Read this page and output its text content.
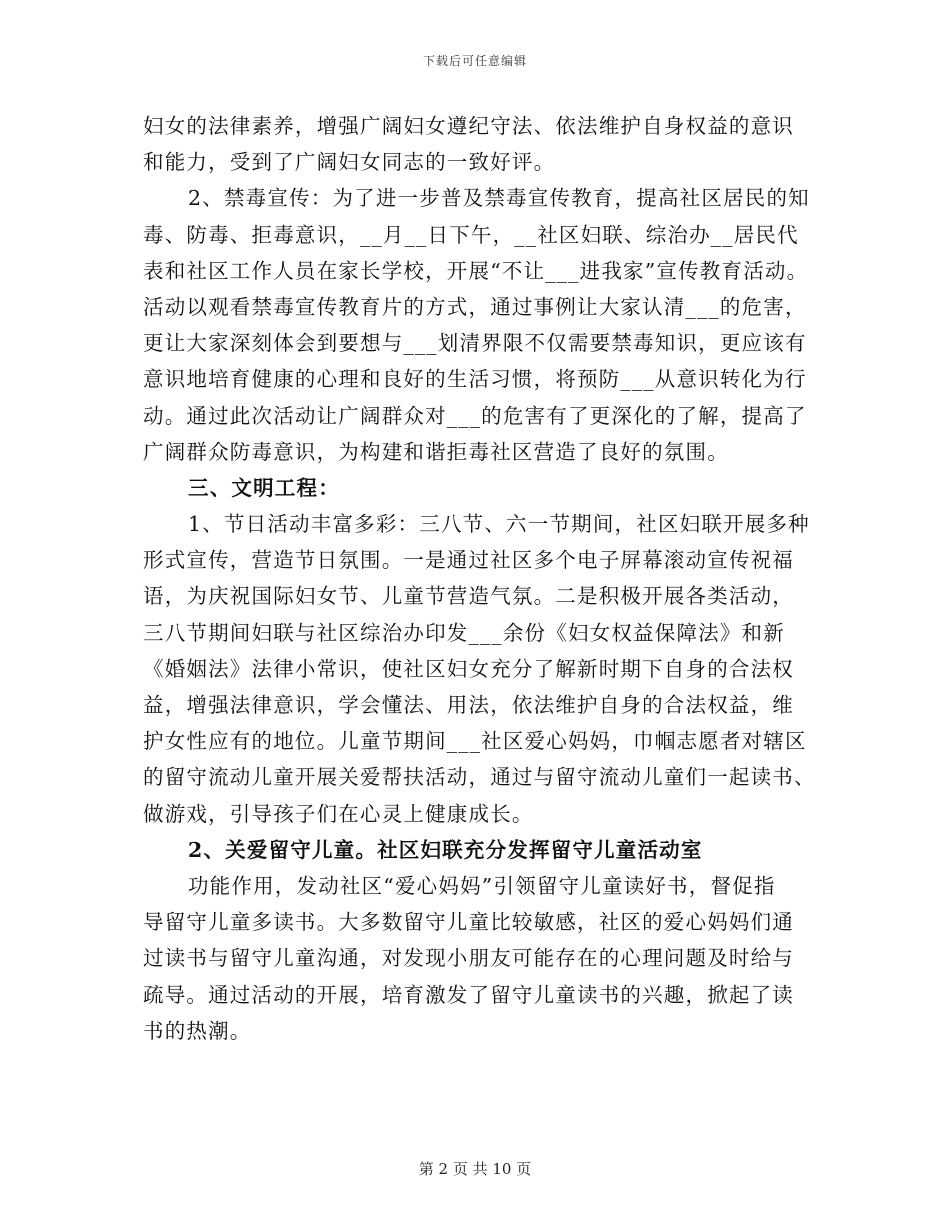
下载后可任意编辑
妇女的法律素养，增强广阔妇女遵纪守法、依法维护自身权益的意识
和能力，受到了广阔妇女同志的一致好评。
2、禁毒宣传：为了进一步普及禁毒宣传教育，提高社区居民的知
毒、防毒、拒毒意识，__月__日下午，__社区妇联、综治办__居民代
表和社区工作人员在家长学校，开展“不让___进我家”宣传教育活动。
活动以观看禁毒宣传教育片的方式，通过事例让大家认清___的危害，
更让大家深刻体会到要想与___划清界限不仅需要禁毒知识，更应该有
意识地培育健康的心理和良好的生活习惯，将预防___从意识转化为行
动。通过此次活动让广阔群众对___的危害有了更深化的了解，提高了
广阔群众防毒意识，为构建和谐拒毒社区营造了良好的氛围。
三、文明工程：
1、节日活动丰富多彩：三八节、六一节期间，社区妇联开展多种
形式宣传，营造节日氛围。一是通过社区多个电子屏幕滚动宣传祝福
语，为庆祝国际妇女节、儿童节营造气氛。二是积极开展各类活动，
三八节期间妇联与社区综治办印发___余份《妇女权益保障法》和新
《婚姻法》法律小常识，使社区妇女充分了解新时期下自身的合法权
益，增强法律意识，学会懂法、用法，依法维护自身的合法权益，维
护女性应有的地位。儿童节期间___社区爱心妈妈，巾帼志愿者对辖区
的留守流动儿童开展关爱帮扶活动，通过与留守流动儿童们一起读书、
做游戏，引导孩子们在心灵上健康成长。
2、关爱留守儿童。社区妇联充分发挥留守儿童活动室
功能作用，发动社区“爱心妈妈”引领留守儿童读好书，督促指
导留守儿童多读书。大多数留守儿童比较敏感，社区的爱心妈妈们通
过读书与留守儿童沟通，对发现小朋友可能存在的心理问题及时给与
疏导。通过活动的开展，培育激发了留守儿童读书的兴趣，掀起了读
书的热潮。
第 2 页 共 10 页
